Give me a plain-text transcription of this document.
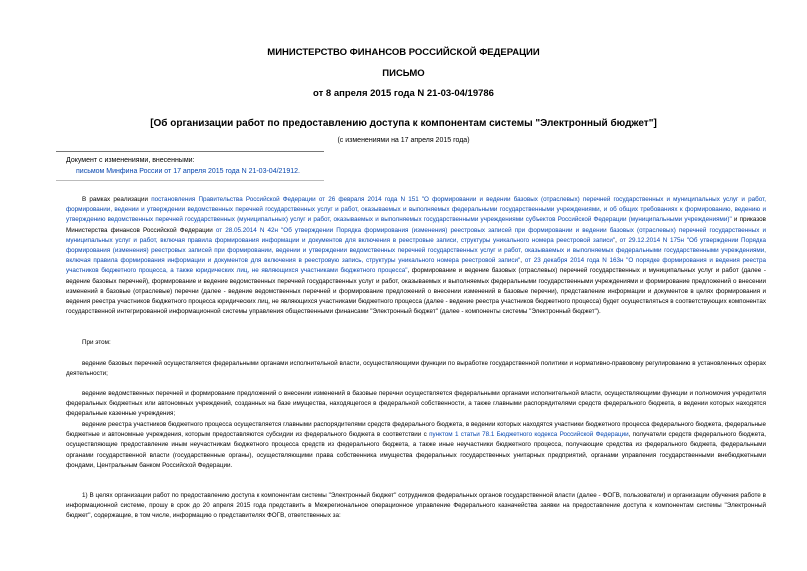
МИНИСТЕРСТВО ФИНАНСОВ РОССИЙСКОЙ ФЕДЕРАЦИИ
ПИСЬМО
от 8 апреля 2015 года N 21-03-04/19786
[Об организации работ по предоставлению доступа к компонентам системы "Электронный бюджет"]
(с изменениями на 17 апреля 2015 года)
Документ с изменениями, внесенными:
письмом Минфина России от 17 апреля 2015 года N 21-03-04/21912.
В рамках реализации постановления Правительства Российской Федерации от 26 февраля 2014 года N 151 "О формировании и ведении базовых (отраслевых) перечней государственных и муниципальных услуг и работ, формировании, ведении и утверждении ведомственных перечней государственных услуг и работ, оказываемых и выполняемых федеральными государственными учреждениями, и об общих требованиях к формированию, ведению и утверждению ведомственных перечней государственных (муниципальных) услуг и работ, оказываемых и выполняемых государственными учреждениями субъектов Российской Федерации (муниципальными учреждениями)" и приказов Министерства финансов Российской Федерации от 28.05.2014 N 42н "Об утверждении Порядка формирования (изменения) реестровых записей при формировании и ведении базовых (отраслевых) перечней государственных и муниципальных услуг и работ, включая правила формирования информации и документов для включения в реестровые записи, структуры уникального номера реестровой записи", от 29.12.2014 N 175н "Об утверждении Порядка формирования (изменения) реестровых записей при формировании, ведении и утверждении ведомственных перечней государственных услуг и работ, оказываемых и выполняемых федеральными государственными учреждениями, включая правила формирования информации и документов для включения в реестровую запись, структуры уникального номера реестровой записи", от 23 декабря 2014 года N 163н "О порядке формирования и ведения реестра участников бюджетного процесса, а также юридических лиц, не являющихся участниками бюджетного процесса", формирование и ведение базовых (отраслевых) перечней государственных и муниципальных услуг и работ (далее - ведение базовых перечней), формирование и ведение ведомственных перечней государственных услуг и работ, оказываемых и выполняемых федеральными государственными учреждениями и формирование предложений о внесении изменений в базовые (отраслевые) перечни (далее - ведение ведомственных перечней и формирование предложений о внесении изменений в базовые перечни), представление информации и документов в целях формирования и ведения реестра участников бюджетного процесса юридических лиц, не являющихся участниками бюджетного процесса (далее - ведение реестра участников бюджетного процесса) будет осуществляться в соответствующих компонентах государственной интегрированной информационной системы управления общественными финансами "Электронный бюджет" (далее - компоненты системы "Электронный бюджет").
При этом:
ведение базовых перечней осуществляется федеральными органами исполнительной власти, осуществляющими функции по выработке государственной политики и нормативно-правовому регулированию в установленных сферах деятельности;
ведение ведомственных перечней и формирование предложений о внесении изменений в базовые перечни осуществляется федеральными органами исполнительной власти, осуществляющими функции и полномочия учредителя федеральных бюджетных или автономных учреждений, созданных на базе имущества, находящегося в федеральной собственности, а также главными распорядителями средств федерального бюджета, в ведении которых находятся федеральные казенные учреждения;
ведение реестра участников бюджетного процесса осуществляется главными распорядителями средств федерального бюджета, в ведении которых находятся участники бюджетного процесса федерального бюджета, федеральные бюджетные и автономные учреждения, которым предоставляются субсидии из федерального бюджета в соответствии с пунктом 1 статьи 78.1 Бюджетного кодекса Российской Федерации, получатели средств федерального бюджета, осуществляющие предоставление иным неучастникам бюджетного процесса средств из федерального бюджета, а также иные неучастники бюджетного процесса, получающие средства из федерального бюджета, федеральными органами государственной власти (государственные органы), осуществляющими права собственника имущества федеральных государственных унитарных предприятий, органами управления государственными внебюджетными фондами, Центральным банком Российской Федерации.
1) В целях организации работ по предоставлению доступа к компонентам системы "Электронный бюджет" сотрудников федеральных органов государственной власти (далее - ФОГВ, пользователи) и организации обучения работе в информационной системе, прошу в срок до 20 апреля 2015 года представить в Межрегиональное операционное управление Федерального казначейства заявки на предоставление доступа к компонентам системы "Электронный бюджет", содержащие, в том числе, информацию о представителях ФОГВ, ответственных за:
